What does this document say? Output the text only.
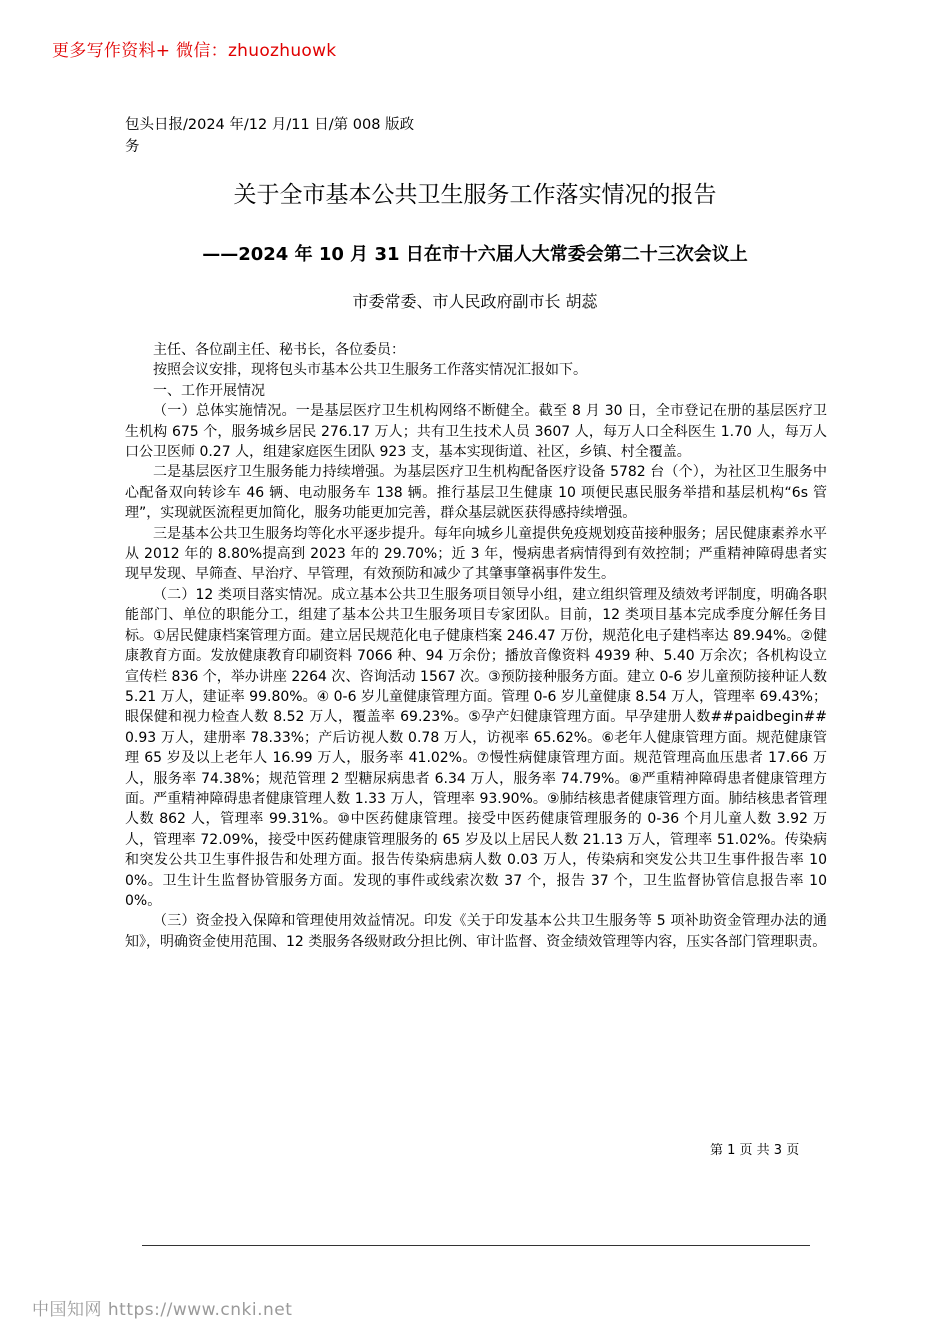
更多写作资料+ 微信：zhuozhuowk
包头日报/2024 年/12 月/11 日/第 008 版政务
关于全市基本公共卫生服务工作落实情况的报告
——2024 年 10 月 31 日在市十六届人大常委会第二十三次会议上
市委常委、市人民政府副市长 胡蕊

主任、各位副主任、秘书长，各位委员：

按照会议安排，现将包头市基本公共卫生服务工作落实情况汇报如下。

一、工作开展情况

（一）总体实施情况。一是基层医疗卫生机构网络不断健全。截至 8 月 30 日，全市登记在册的基层医疗卫生机构 675 个，服务城乡居民 276.17 万人；共有卫生技术人员 3607 人，每万人口全科医生 1.70 人，每万人口公卫医师 0.27 人，组建家庭医生团队 923 支，基本实现街道、社区，乡镇、村全覆盖。

二是基层医疗卫生服务能力持续增强。为基层医疗卫生机构配备医疗设备 5782 台（个），为社区卫生服务中心配备双向转诊车 46 辆、电动服务车 138 辆。推行基层卫生健康 10 项便民惠民服务举措和基层机构“6s 管理”，实现就医流程更加简化，服务功能更加完善，群众基层就医获得感持续增强。

三是基本公共卫生服务均等化水平逐步提升。每年向城乡儿童提供免疫规划疫苗接种服务；居民健康素养水平从 2012 年的 8.80%提高到 2023 年的 29.70%；近 3 年，慢病患者病情得到有效控制；严重精神障碍患者实现早发现、早筛查、早治疗、早管理，有效预防和减少了其肇事肇祸事件发生。

（二）12 类项目落实情况。成立基本公共卫生服务项目领导小组，建立组织管理及绩效考评制度，明确各职能部门、单位的职能分工，组建了基本公共卫生服务项目专家团队。目前，12 类项目基本完成季度分解任务目标。①居民健康档案管理方面。建立居民规范化电子健康档案 246.47 万份，规范化电子建档率达 89.94%。②健康教育方面。发放健康教育印刷资料 7066 种、94 万余份；播放音像资料 4939 种、5.40 万余次；各机构设立宣传栏 836 个，举办讲座 2264 次、咨询活动 1567 次。③预防接种服务方面。建立 0-6 岁儿童预防接种证人数 5.21 万人，建证率 99.80%。④ 0-6 岁儿童健康管理方面。管理 0-6 岁儿童健康 8.54 万人，管理率 69.43%；眼保健和视力检查人数 8.52 万人，覆盖率 69.23%。⑤孕产妇健康管理方面。早孕建册人数##paidbegin## 0.93 万人，建册率 78.33%；产后访视人数 0.78 万人，访视率 65.62%。⑥老年人健康管理方面。规范健康管理 65 岁及以上老年人 16.99 万人，服务率 41.02%。⑦慢性病健康管理方面。规范管理高血压患者 17.66 万人，服务率 74.38%；规范管理 2 型糖尿病患者 6.34 万人，服务率 74.79%。⑧严重精神障碍患者健康管理方面。严重精神障碍患者健康管理人数 1.33 万人，管理率 93.90%。⑨肺结核患者健康管理方面。肺结核患者管理人数 862 人，管理率 99.31%。⑩中医药健康管理。接受中医药健康管理服务的 0-36 个月儿童人数 3.92 万人，管理率 72.09%，接受中医药健康管理服务的 65 岁及以上居民人数 21.13 万人，管理率 51.02%。传染病和突发公共卫生事件报告和处理方面。报告传染病患病人数 0.03 万人，传染病和突发公共卫生事件报告率 100%。卫生计生监督协管服务方面。发现的事件或线索次数 37 个，报告 37 个，卫生监督协管信息报告率 100%。

（三）资金投入保障和管理使用效益情况。印发《关于印发基本公共卫生服务等 5 项补助资金管理办法的通知》，明确资金使用范围、12 类服务各级财政分担比例、审计监督、资金绩效管理等内容，压实各部门管理职责。

第 1 页 共 3 页
中国知网 https://www.cnki.net
